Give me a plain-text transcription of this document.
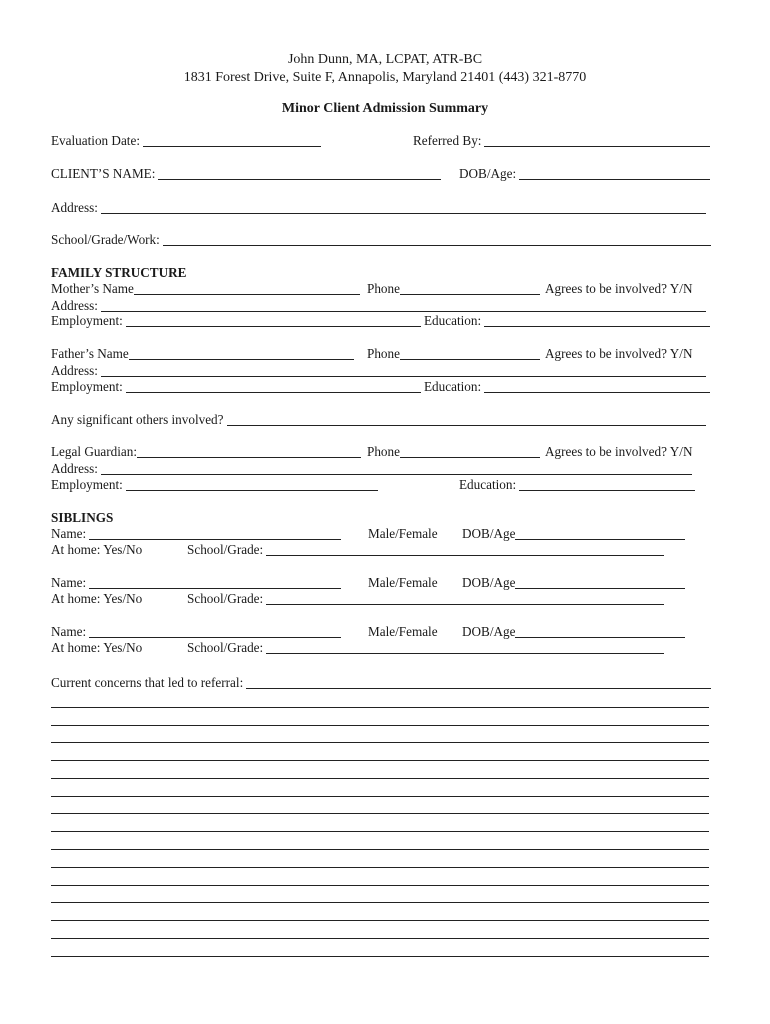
John Dunn, MA, LCPAT, ATR-BC
1831 Forest Drive, Suite F, Annapolis, Maryland 21401 (443) 321-8770
Minor Client Admission Summary
Evaluation Date:	Referred By:
CLIENT’S NAME:	DOB/Age:
Address:
School/Grade/Work:
FAMILY STRUCTURE
Mother’s Name	Phone	Agrees to be involved? Y/N
Address:
Employment:	Education:
Father’s Name	Phone	Agrees to be involved? Y/N
Address:
Employment:	Education:
Any significant others involved?
Legal Guardian:	Phone	Agrees to be involved? Y/N
Address:
Employment:	Education:
SIBLINGS
Name:	Male/Female DOB/Age
At home: Yes/No	School/Grade:
Name:	Male/Female DOB/Age
At home: Yes/No	School/Grade:
Name:	Male/Female DOB/Age
At home: Yes/No	School/Grade:
Current concerns that led to referral:
